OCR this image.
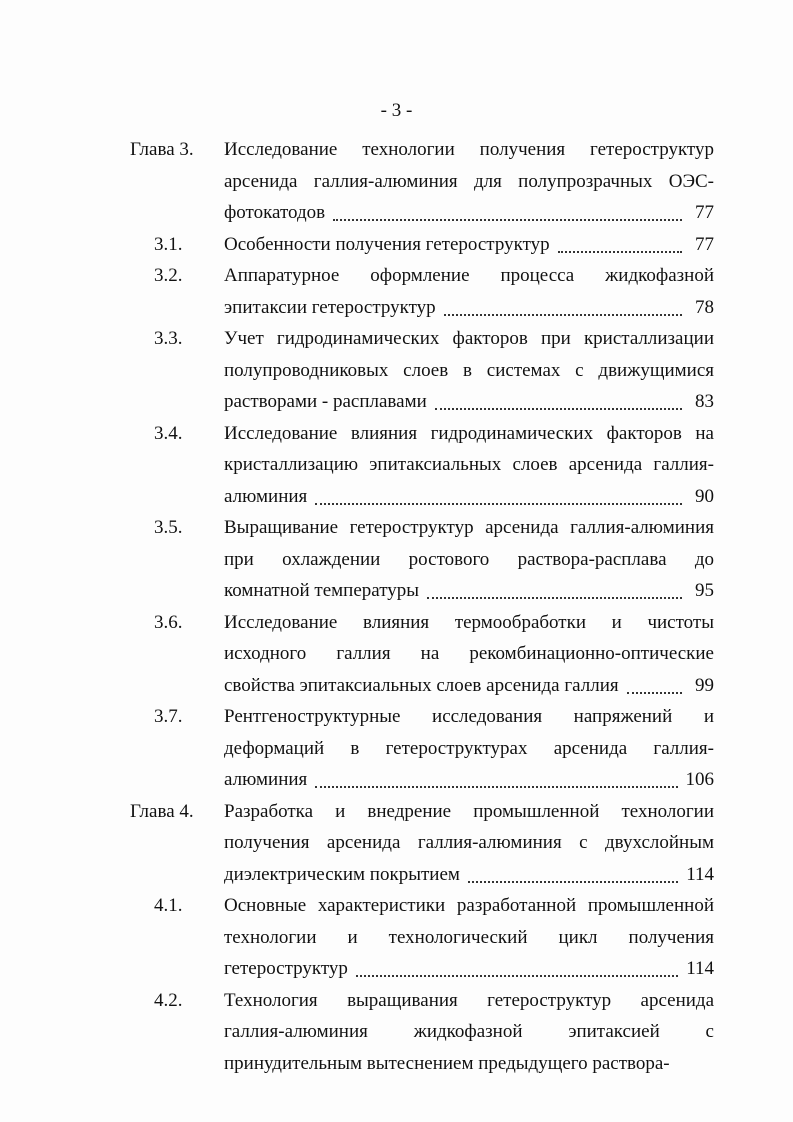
- 3 -
Глава 3. Исследование технологии получения гетероструктур
арсенида галлия-алюминия для полупрозрачных ОЭС-
фотокатодов	77
3.1. Особенности получения гетероструктур	77
3.2. Аппаратурное оформление процесса жидкофазной
эпитаксии гетероструктур	78
3.3. Учет гидродинамических факторов при кристаллизации
полупроводниковых слоев в системах с движущимися
растворами - расплавами	83
3.4. Исследование влияния гидродинамических факторов на
кристаллизацию эпитаксиальных слоев арсенида галлия-
алюминия	90
3.5. Выращивание гетероструктур арсенида галлия-алюминия
при охлаждении ростового раствора-расплава до
комнатной температуры	95
3.6. Исследование влияния термообработки и чистоты
исходного галлия на рекомбинационно-оптические
свойства эпитаксиальных слоев арсенида галлия	99
3.7. Рентгеноструктурные исследования напряжений и
деформаций в гетероструктурах арсенида галлия-
алюминия	106
Глава 4. Разработка и внедрение промышленной технологии
получения арсенида галлия-алюминия с двухслойным
диэлектрическим покрытием	114
4.1. Основные характеристики разработанной промышленной
технологии и технологический цикл получения
гетероструктур	114
4.2. Технология выращивания гетероструктур арсенида
галлия-алюминия жидкофазной эпитаксией с
принудительным вытеснением предыдущего раствора-
